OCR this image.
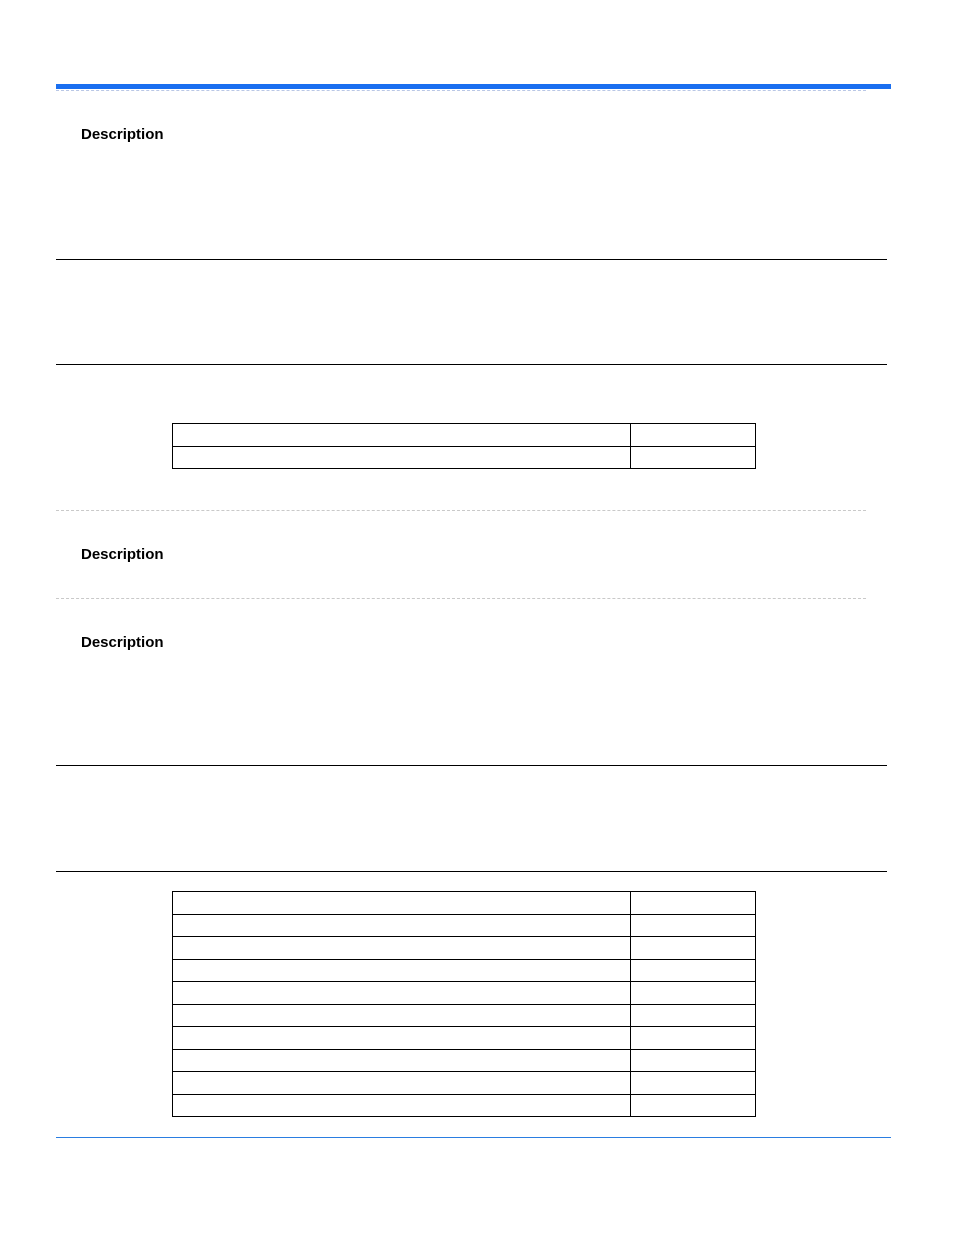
Description

Description
Description
